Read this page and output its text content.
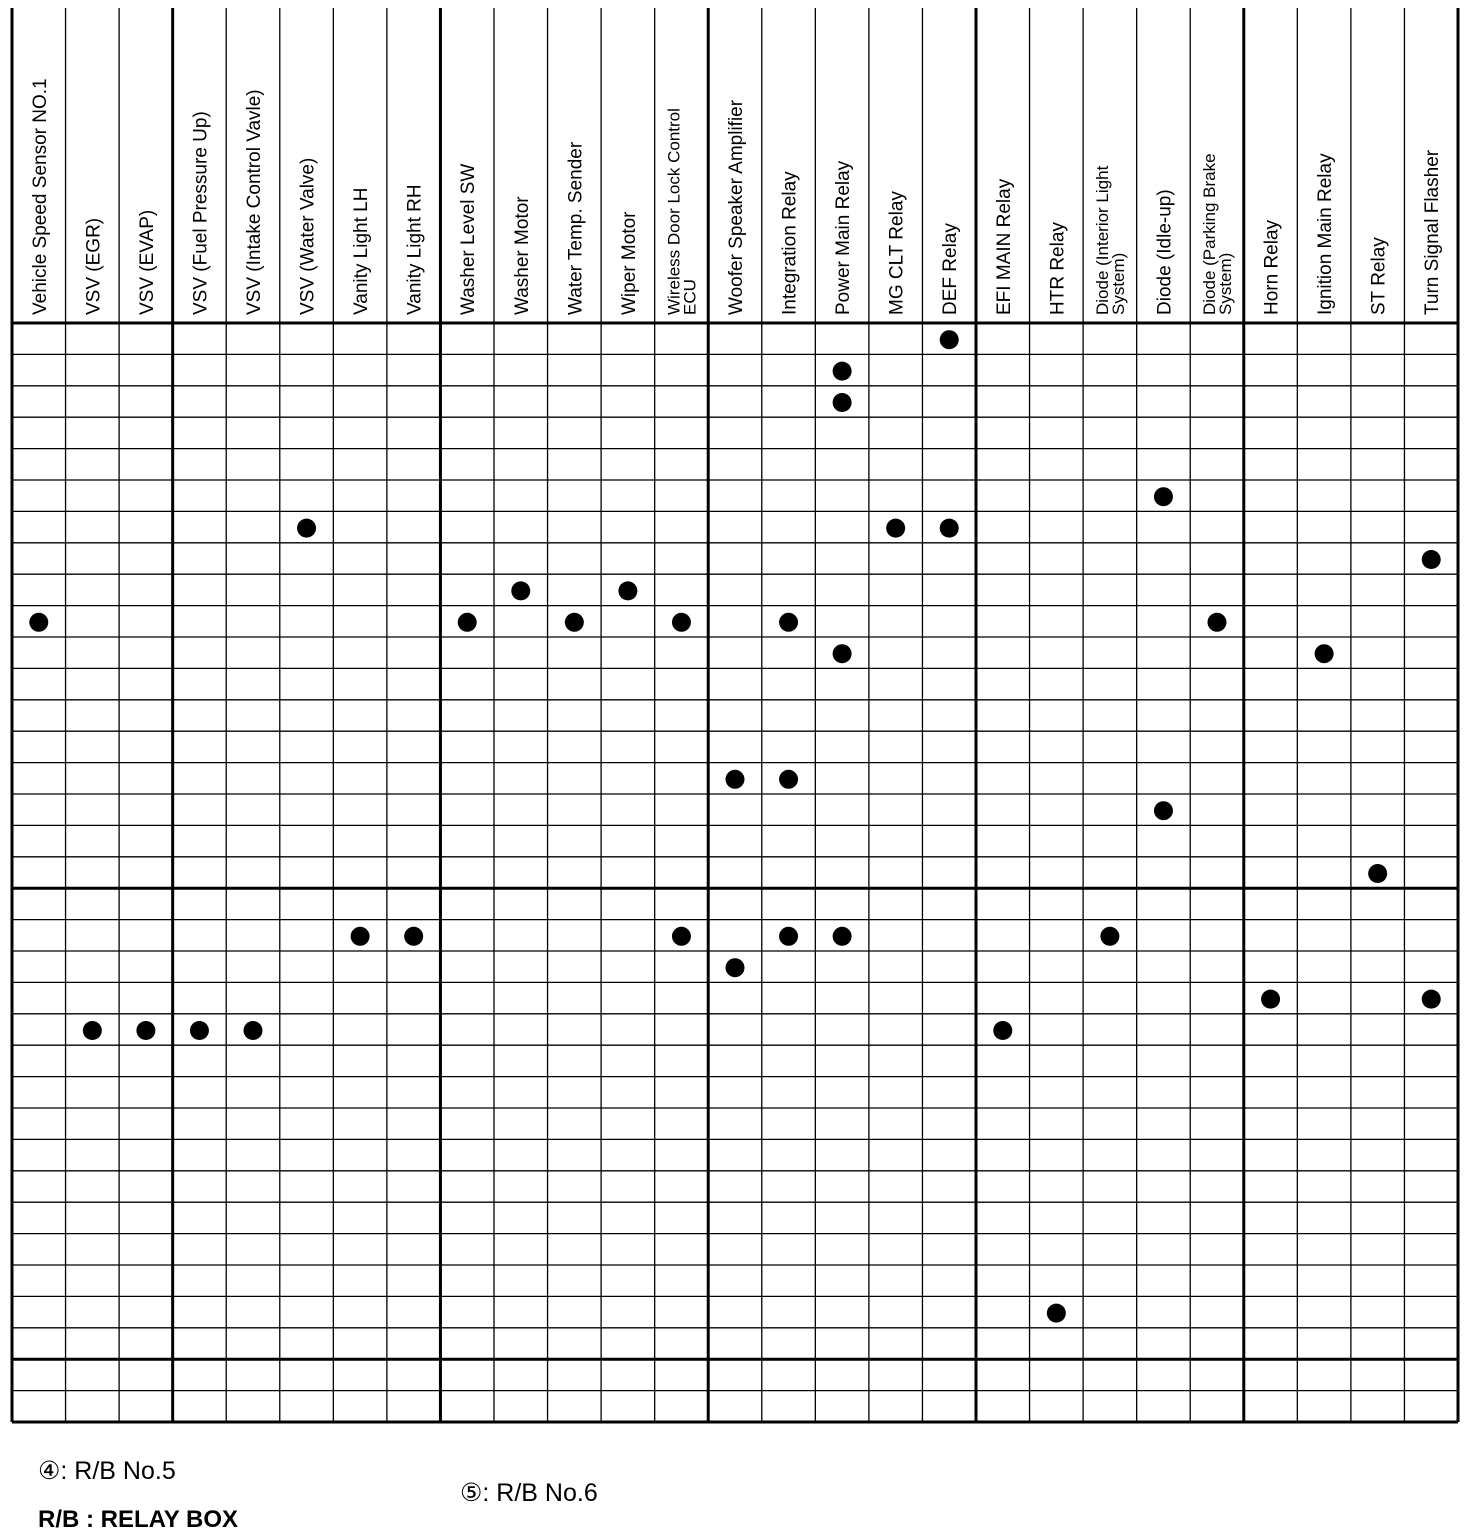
Vehicle Speed Sensor NO.1 VSV (EGR) VSV (EVAP) VSV (Fuel Pressure Up) VSV (Intake Control Vavle) VSV (Water Valve) Vanity Light LH Vanity Light RH Washer Level SW Washer Motor Water Temp. Sender Wiper Motor Wireless Door Lock Control
ECU Woofer Speaker Amplifier Integration Relay Power Main Relay MG CLT Relay DEF Relay EFI MAIN Relay HTR Relay Diode (Interior Light
System) Diode (Idle-up) Diode (Parking Brake
System) Horn Relay Ignition Main Relay ST Relay Turn Signal Flasher
④: R/B No.5
⑤: R/B No.6
R/B : RELAY BOX
